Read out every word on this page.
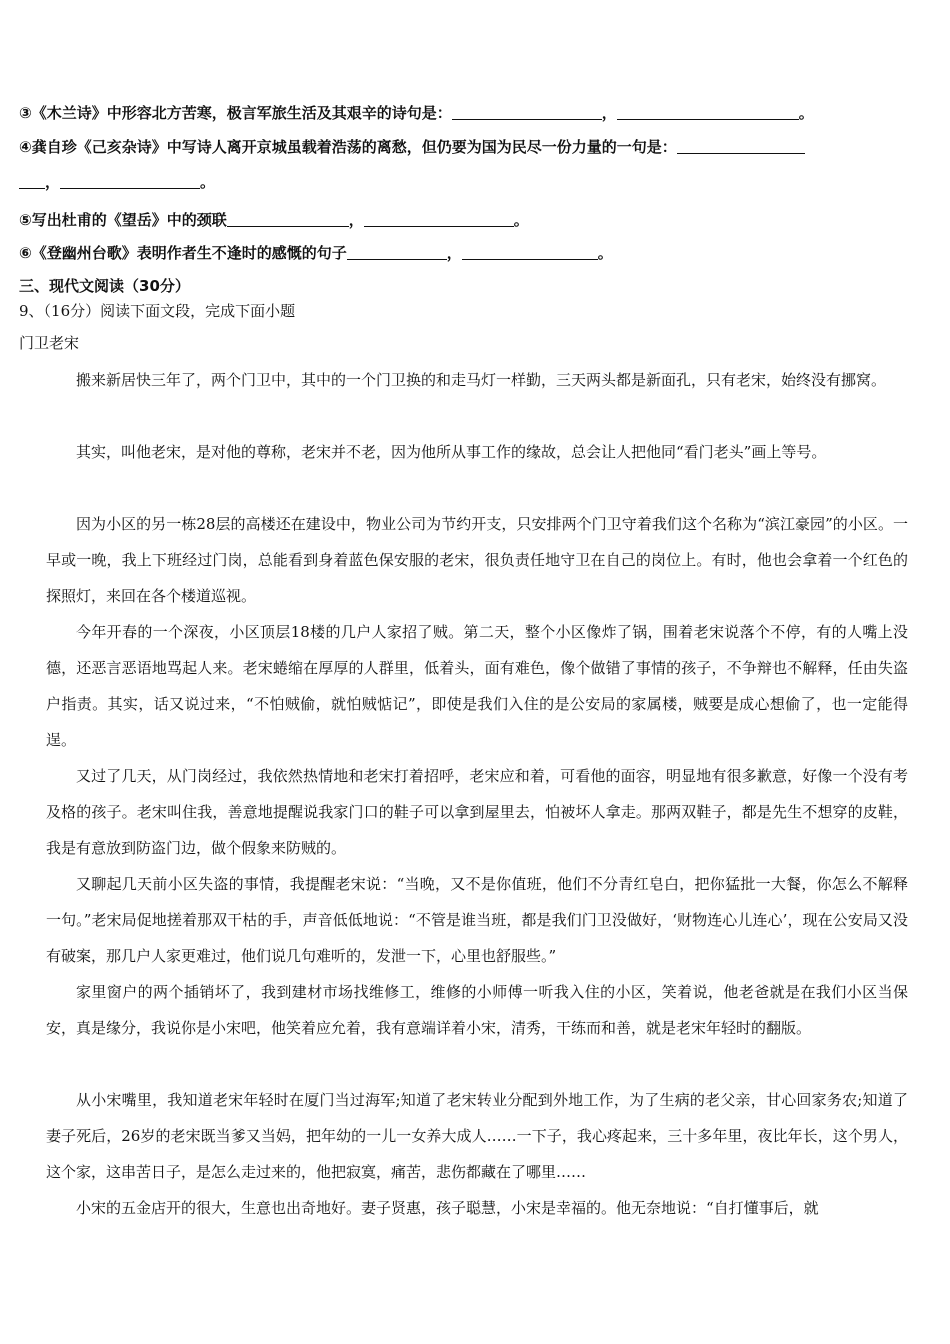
③《木兰诗》中形容北方苦寒，极言军旅生活及其艰辛的诗句是：	，	。
④龚自珍《己亥杂诗》中写诗人离开京城虽载着浩荡的离愁，但仍要为国为民尽一份力量的一句是：
，	。
⑤写出杜甫的《望岳》中的颈联	，	。
⑥《登幽州台歌》表明作者生不逢时的感慨的句子	，	。
三、现代文阅读（30分）
9、（16分）阅读下面文段，完成下面小题
门卫老宋

搬来新居快三年了，两个门卫中，其中的一个门卫换的和走马灯一样勤，三天两头都是新面孔，只有老宋，始终没有挪窝。

其实，叫他老宋，是对他的尊称，老宋并不老，因为他所从事工作的缘故，总会让人把他同“看门老头”画上等号。

因为小区的另一栋28层的高楼还在建设中，物业公司为节约开支，只安排两个门卫守着我们这个名称为“滨江豪园”的小区。一早或一晚，我上下班经过门岗，总能看到身着蓝色保安服的老宋，很负责任地守卫在自己的岗位上。有时，他也会拿着一个红色的探照灯，来回在各个楼道巡视。

今年开春的一个深夜，小区顶层18楼的几户人家招了贼。第二天，整个小区像炸了锅，围着老宋说落个不停，有的人嘴上没德，还恶言恶语地骂起人来。老宋蜷缩在厚厚的人群里，低着头，面有难色，像个做错了事情的孩子，不争辩也不解释，任由失盗户指责。其实，话又说过来，“不怕贼偷，就怕贼惦记”，即使是我们入住的是公安局的家属楼，贼要是成心想偷了，也一定能得逞。

又过了几天，从门岗经过，我依然热情地和老宋打着招呼，老宋应和着，可看他的面容，明显地有很多歉意，好像一个没有考及格的孩子。老宋叫住我，善意地提醒说我家门口的鞋子可以拿到屋里去，怕被坏人拿走。那两双鞋子，都是先生不想穿的皮鞋，我是有意放到防盗门边，做个假象来防贼的。

又聊起几天前小区失盗的事情，我提醒老宋说：“当晚，又不是你值班，他们不分青红皂白，把你猛批一大餐，你怎么不解释一句。”老宋局促地搓着那双干枯的手，声音低低地说：“不管是谁当班，都是我们门卫没做好，‘财物连心儿连心’，现在公安局又没有破案，那几户人家更难过，他们说几句难听的，发泄一下，心里也舒服些。”

家里窗户的两个插销坏了，我到建材市场找维修工，维修的小师傅一听我入住的小区，笑着说，他老爸就是在我们小区当保安，真是缘分，我说你是小宋吧，他笑着应允着，我有意端详着小宋，清秀，干练而和善，就是老宋年轻时的翻版。

从小宋嘴里，我知道老宋年轻时在厦门当过海军;知道了老宋转业分配到外地工作，为了生病的老父亲，甘心回家务农;知道了妻子死后，26岁的老宋既当爹又当妈，把年幼的一儿一女养大成人……一下子，我心疼起来，三十多年里，夜比年长，这个男人，这个家，这串苦日子，是怎么走过来的，他把寂寞，痛苦，悲伤都藏在了哪里……

小宋的五金店开的很大，生意也出奇地好。妻子贤惠，孩子聪慧，小宋是幸福的。他无奈地说：“自打懂事后，就
